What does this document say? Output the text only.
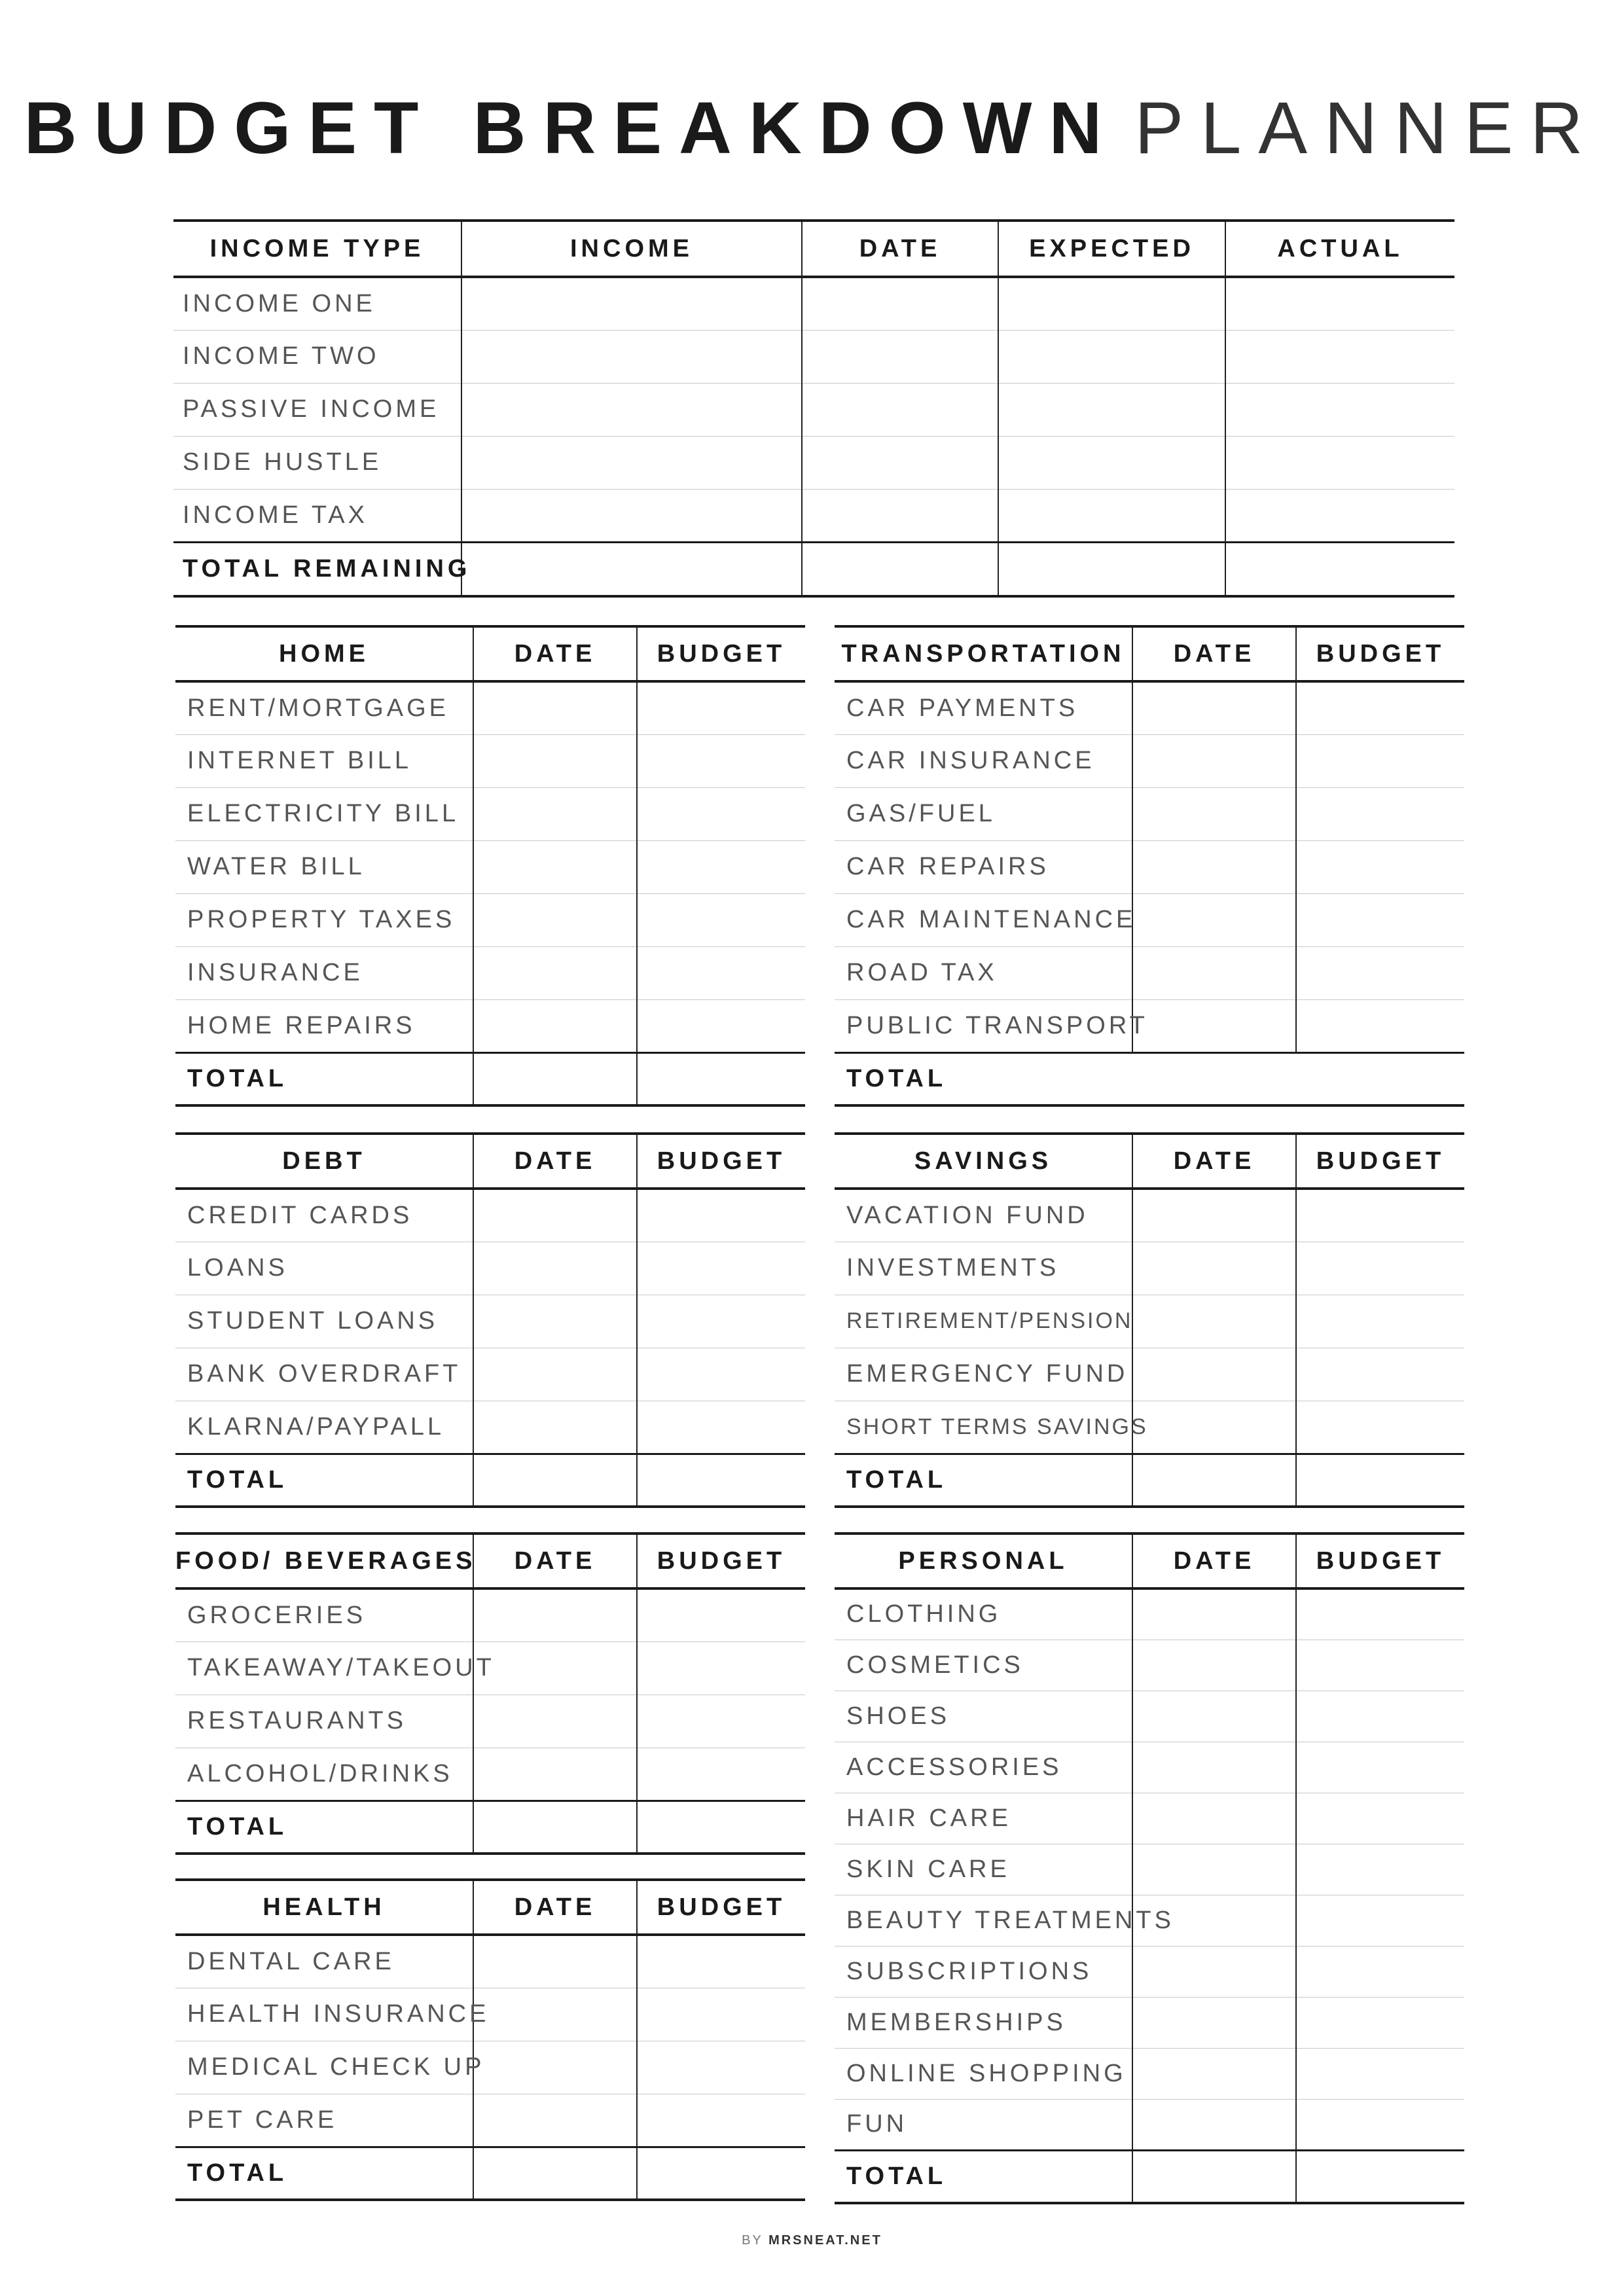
BUDGET BREAKDOWN PLANNER
INCOME TYPE	INCOME	DATE	EXPECTED	ACTUAL
INCOME ONE				
INCOME TWO				
PASSIVE INCOME				
SIDE HUSTLE				
INCOME TAX				
TOTAL REMAINING				
HOME	DATE	BUDGET
RENT/MORTGAGE		
INTERNET BILL		
ELECTRICITY BILL		
WATER BILL		
PROPERTY TAXES		
INSURANCE		
HOME REPAIRS		
TOTAL		
TRANSPORTATION	DATE	BUDGET
CAR PAYMENTS		
CAR INSURANCE		
GAS/FUEL		
CAR REPAIRS		
CAR MAINTENANCE		
ROAD TAX		
PUBLIC TRANSPORT		
TOTAL		
DEBT	DATE	BUDGET
CREDIT CARDS		
LOANS		
STUDENT LOANS		
BANK OVERDRAFT		
KLARNA/PAYPALL		
TOTAL		
SAVINGS	DATE	BUDGET
VACATION FUND		
INVESTMENTS		
RETIREMENT/PENSION		
EMERGENCY FUND		
SHORT TERMS SAVINGS		
TOTAL		
FOOD/ BEVERAGES	DATE	BUDGET
GROCERIES		
TAKEAWAY/TAKEOUT		
RESTAURANTS		
ALCOHOL/DRINKS		
TOTAL		
PERSONAL	DATE	BUDGET
CLOTHING		
COSMETICS		
SHOES		
ACCESSORIES		
HAIR CARE		
SKIN CARE		
BEAUTY TREATMENTS		
SUBSCRIPTIONS		
MEMBERSHIPS		
ONLINE SHOPPING		
FUN		
TOTAL		
HEALTH	DATE	BUDGET
DENTAL CARE		
HEALTH INSURANCE		
MEDICAL CHECK UP		
PET CARE		
TOTAL		
BY MRSNEAT.NET
